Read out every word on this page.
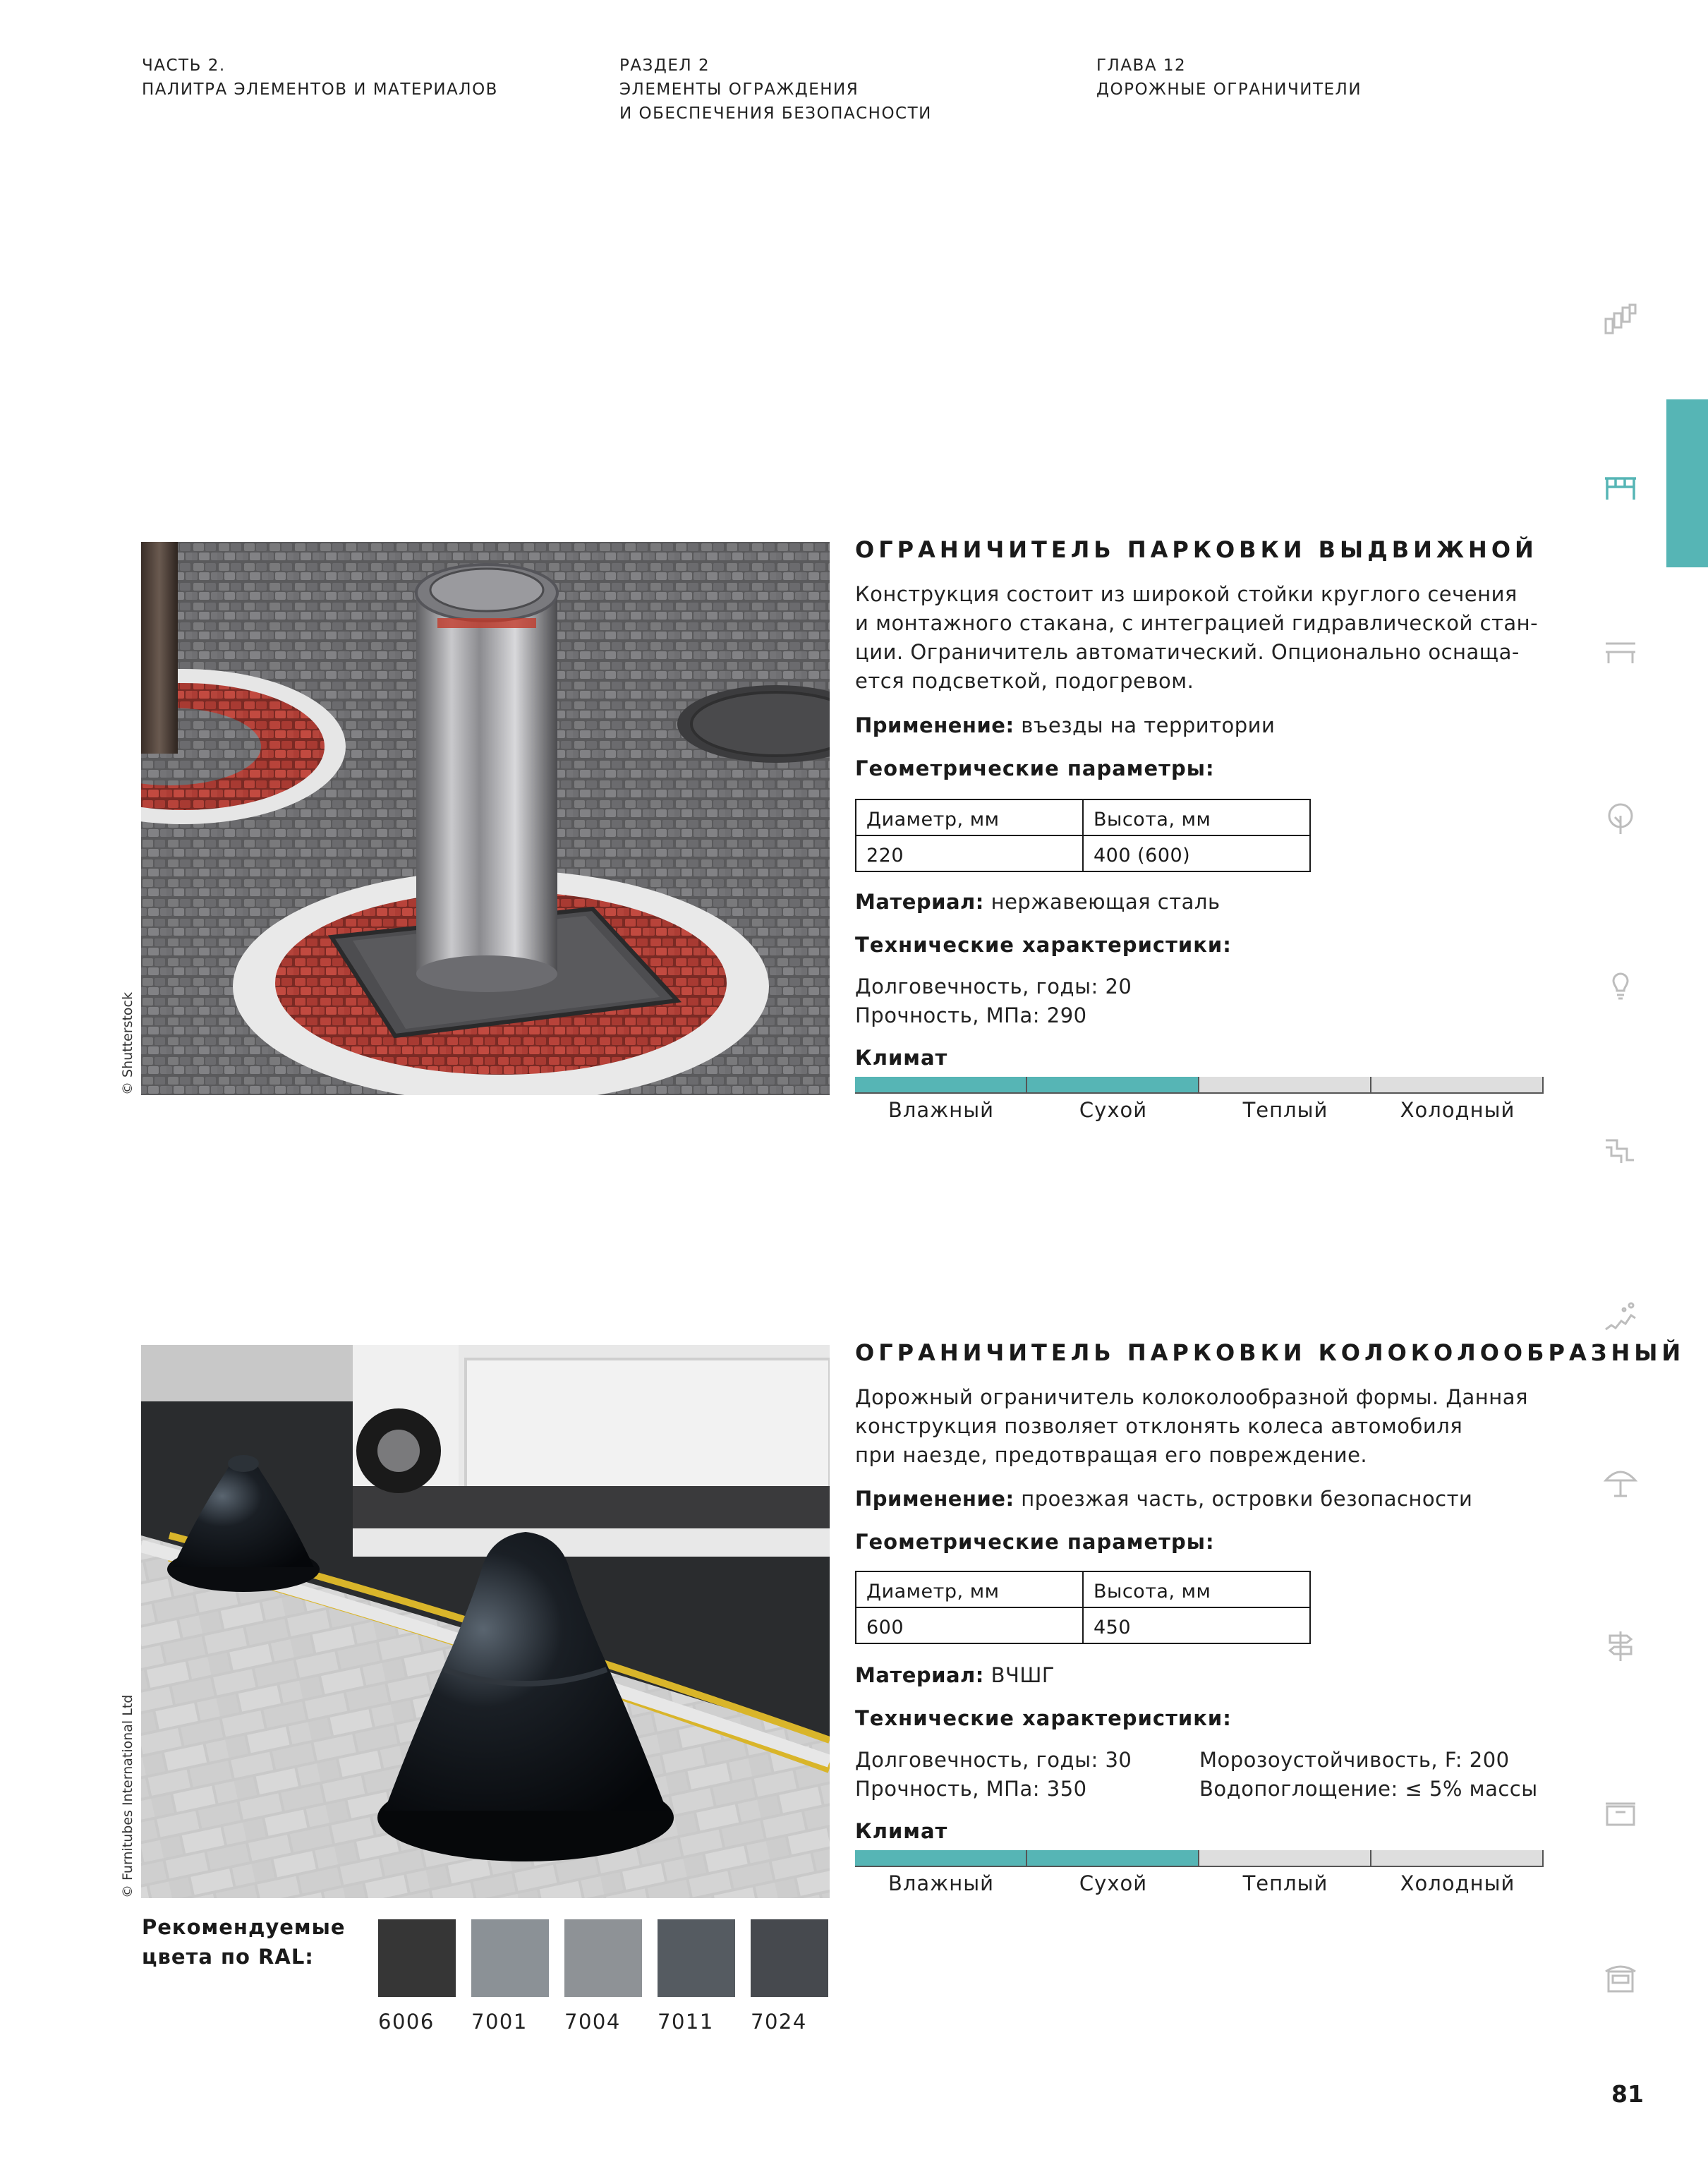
ЧАСТЬ 2.
ПАЛИТРА ЭЛЕМЕНТОВ И МАТЕРИАЛОВ
РАЗДЕЛ 2
ЭЛЕМЕНТЫ ОГРАЖДЕНИЯ
И ОБЕСПЕЧЕНИЯ БЕЗОПАСНОСТИ
ГЛАВА 12
ДОРОЖНЫЕ ОГРАНИЧИТЕЛИ
© Shutterstock
ОГРАНИЧИТЕЛЬ ПАРКОВКИ ВЫДВИЖНОЙ
Конструкция состоит из широкой стойки круглого сечения
и монтажного стакана, с интеграцией гидравлической стан-
ции. Ограничитель автоматический. Опционально оснаща-
ется подсветкой, подогревом.
Применение: въезды на территории
Геометрические параметры:
Диаметр, мм	Высота, мм
220	400 (600)
Материал: нержавеющая сталь
Технические характеристики:
Долговечность, годы: 20
Прочность, МПа: 290
Климат
Влажный	Сухой	Теплый	Холодный
© Furnitubes International Ltd
ОГРАНИЧИТЕЛЬ ПАРКОВКИ КОЛОКОЛООБРАЗНЫЙ
Дорожный ограничитель колоколообразной формы. Данная
конструкция позволяет отклонять колеса автомобиля
при наезде, предотвращая его повреждение.
Применение: проезжая часть, островки безопасности
Геометрические параметры:
Диаметр, мм	Высота, мм
600	450
Материал: ВЧШГ
Технические характеристики:
Долговечность, годы: 30
Прочность, МПа: 350
Морозоустойчивость, F: 200
Водопоглощение: ≤ 5% массы
Климат
Влажный	Сухой	Теплый	Холодный
Рекомендуемые
цвета по RAL:
6006 7001 7004 7011 7024
81
